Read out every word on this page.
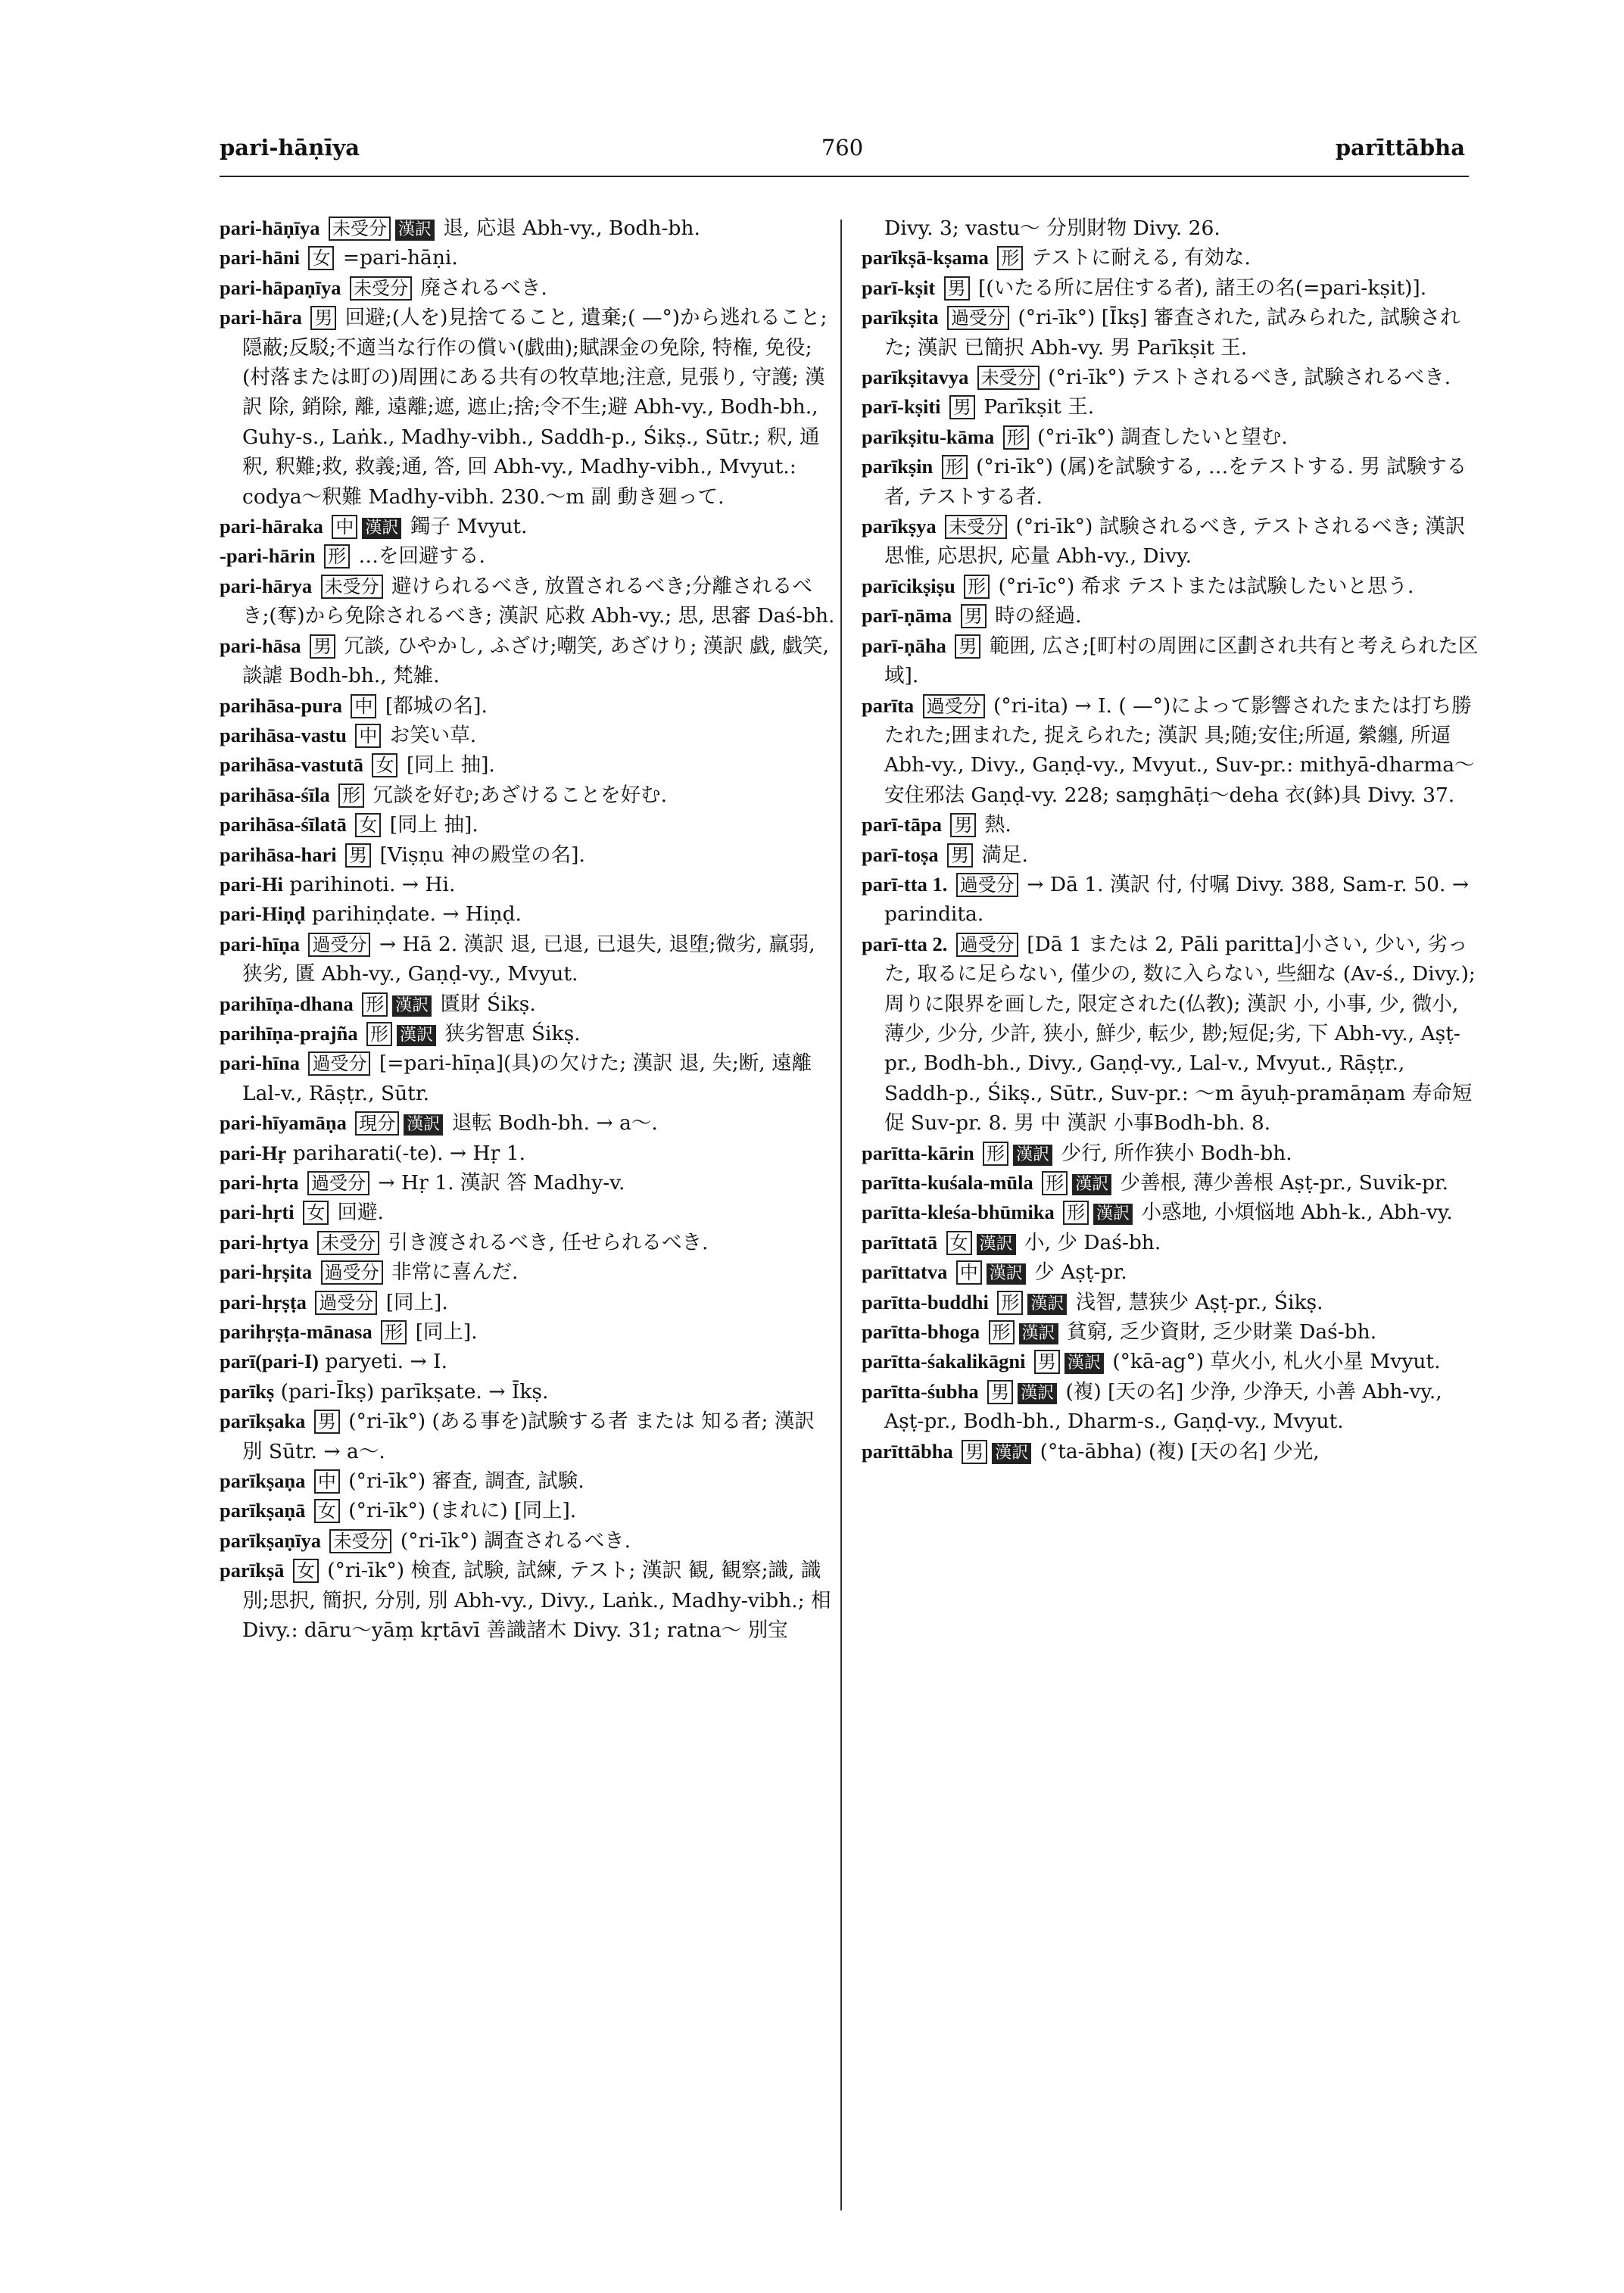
pari-hāṇīya	760	parīttābha

pari-hāṇīya 未受分 漢訳 退, 応退 Abh-vy., Bodh-bh.

pari-hāni 女 =pari-hāṇi.

pari-hāpaṇīya 未受分 廃されるべき.

pari-hāra 男 回避;(人を)見捨てること, 遺棄;( —°)から逃れること;隠蔽;反駁;不適当な行作の償い(戯曲);賦課金の免除, 特権, 免役;(村落または町の)周囲にある共有の牧草地;注意, 見張り, 守護; 漢訳 除, 銷除, 離, 遠離;遮, 遮止;捨;令不生;避 Abh-vy., Bodh-bh., Guhy-s., Laṅk., Madhy-vibh., Saddh-p., Śikṣ., Sūtr.; 釈, 通釈, 釈難;救, 救義;通, 答, 回 Abh-vy., Madhy-vibh., Mvyut.: codya～釈難 Madhy-vibh. 230.～m 副 動き廻って.

pari-hāraka 中 漢訳 鐲子 Mvyut.

-pari-hārin 形 …を回避する.

pari-hārya 未受分 避けられるべき, 放置されるべき;分離されるべき;(奪)から免除されるべき; 漢訳 応救 Abh-vy.; 思, 思審 Daś-bh.

pari-hāsa 男 冗談, ひやかし, ふざけ;嘲笑, あざけり; 漢訳 戯, 戯笑, 談謔 Bodh-bh., 梵雑.

parihāsa-pura 中 [都城の名].

parihāsa-vastu 中 お笑い草.

parihāsa-vastutā 女 [同上 抽].

parihāsa-śīla 形 冗談を好む;あざけることを好む.

parihāsa-śīlatā 女 [同上 抽].

parihāsa-hari 男 [Viṣṇu 神の殿堂の名].

pari-Hi parihinoti. → Hi.

pari-Hiṇḍ parihiṇḍate. → Hiṇḍ.

pari-hīṇa 過受分 → Hā 2. 漢訳 退, 已退, 已退失, 退堕;微劣, 羸弱, 狭劣, 匱 Abh-vy., Gaṇḍ-vy., Mvyut.

parihīṇa-dhana 形 漢訳 匱財 Śikṣ.

parihīṇa-prajña 形 漢訳 狭劣智恵 Śikṣ.

pari-hīna 過受分 [=pari-hīṇa](具)の欠けた; 漢訳 退, 失;断, 遠離 Lal-v., Rāṣṭr., Sūtr.

pari-hīyamāṇa 現分 漢訳 退転 Bodh-bh. → a～.

pari-Hṛ pariharati(-te). → Hṛ 1.

pari-hṛta 過受分 → Hṛ 1. 漢訳 答 Madhy-v.

pari-hṛti 女 回避.

pari-hṛtya 未受分 引き渡されるべき, 任せられるべき.

pari-hṛṣita 過受分 非常に喜んだ.

pari-hṛṣṭa 過受分 [同上].

parihṛṣṭa-mānasa 形 [同上].

parī(pari-I) paryeti. → I.

parīkṣ (pari-Īkṣ) parīkṣate. → Īkṣ.

parīkṣaka 男 (°ri-īk°) (ある事を)試験する者 または 知る者; 漢訳 別 Sūtr. → a～.

parīkṣaṇa 中 (°ri-īk°) 審査, 調査, 試験.

parīkṣaṇā 女 (°ri-īk°) (まれに) [同上].

parīkṣaṇīya 未受分 (°ri-īk°) 調査されるべき.

parīkṣā 女 (°ri-īk°) 検査, 試験, 試練, テスト; 漢訳 観, 観察;識, 識別;思択, 簡択, 分別, 別 Abh-vy., Divy., Laṅk., Madhy-vibh.; 相 Divy.: dāru～yāṃ kṛtāvī 善識諸木 Divy. 31; ratna～ 別宝

Divy. 3; vastu～ 分別財物 Divy. 26.

parīkṣā-kṣama 形 テストに耐える, 有効な.

parī-kṣit 男 [(いたる所に居住する者), 諸王の名(=pari-kṣit)].

parīkṣita 過受分 (°ri-īk°) [Īkṣ] 審査された, 試みられた, 試験された; 漢訳 已簡択 Abh-vy. 男 Parīkṣit 王.

parīkṣitavya 未受分 (°ri-īk°) テストされるべき, 試験されるべき.

parī-kṣiti 男 Parīkṣit 王.

parīkṣitu-kāma 形 (°ri-īk°) 調査したいと望む.

parīkṣin 形 (°ri-īk°) (属)を試験する, …をテストする. 男 試験する者, テストする者.

parīkṣya 未受分 (°ri-īk°) 試験されるべき, テストされるべき; 漢訳 思惟, 応思択, 応量 Abh-vy., Divy.

parīcikṣiṣu 形 (°ri-īc°) 希求 テストまたは試験したいと思う.

parī-ṇāma 男 時の経過.

parī-ṇāha 男 範囲, 広さ;[町村の周囲に区劃され共有と考えられた区域].

parīta 過受分 (°ri-ita) → I. ( —°)によって影響されたまたは打ち勝たれた;囲まれた, 捉えられた; 漢訳 具;随;安住;所逼, 縈纏, 所逼 Abh-vy., Divy., Gaṇḍ-vy., Mvyut., Suv-pr.: mithyā-dharma～ 安住邪法 Gaṇḍ-vy. 228; saṃghāṭi～deha 衣(鉢)具 Divy. 37.

parī-tāpa 男 熱.

parī-toṣa 男 満足.

parī-tta 1. 過受分 → Dā 1. 漢訳 付, 付嘱 Divy. 388, Sam-r. 50. → parindita.

parī-tta 2. 過受分 [Dā 1 または 2, Pāli paritta]小さい, 少い, 劣った, 取るに足らない, 僅少の, 数に入らない, 些細な (Av-ś., Divy.);周りに限界を画した, 限定された(仏教); 漢訳 小, 小事, 少, 微小, 薄少, 少分, 少許, 狭小, 鮮少, 転少, 尠;短促;劣, 下 Abh-vy., Aṣṭ-pr., Bodh-bh., Divy., Gaṇḍ-vy., Lal-v., Mvyut., Rāṣṭr., Saddh-p., Śikṣ., Sūtr., Suv-pr.: ～m āyuḥ-pramāṇam 寿命短促 Suv-pr. 8. 男 中 漢訳 小事Bodh-bh. 8.

parītta-kārin 形 漢訳 少行, 所作狭小 Bodh-bh.

parītta-kuśala-mūla 形 漢訳 少善根, 薄少善根 Aṣṭ-pr., Suvik-pr.

parītta-kleśa-bhūmika 形 漢訳 小惑地, 小煩悩地 Abh-k., Abh-vy.

parīttatā 女 漢訳 小, 少 Daś-bh.

parīttatva 中 漢訳 少 Aṣṭ-pr.

parītta-buddhi 形 漢訳 浅智, 慧狭少 Aṣṭ-pr., Śikṣ.

parītta-bhoga 形 漢訳 貧窮, 乏少資財, 乏少財業 Daś-bh.

parītta-śakalikāgni 男 漢訳 (°kā-ag°) 草火小, 札火小星 Mvyut.

parītta-śubha 男 漢訳 (複) [天の名] 少浄, 少浄天, 小善 Abh-vy., Aṣṭ-pr., Bodh-bh., Dharm-s., Gaṇḍ-vy., Mvyut.

parīttābha 男 漢訳 (°ta-ābha) (複) [天の名] 少光,
